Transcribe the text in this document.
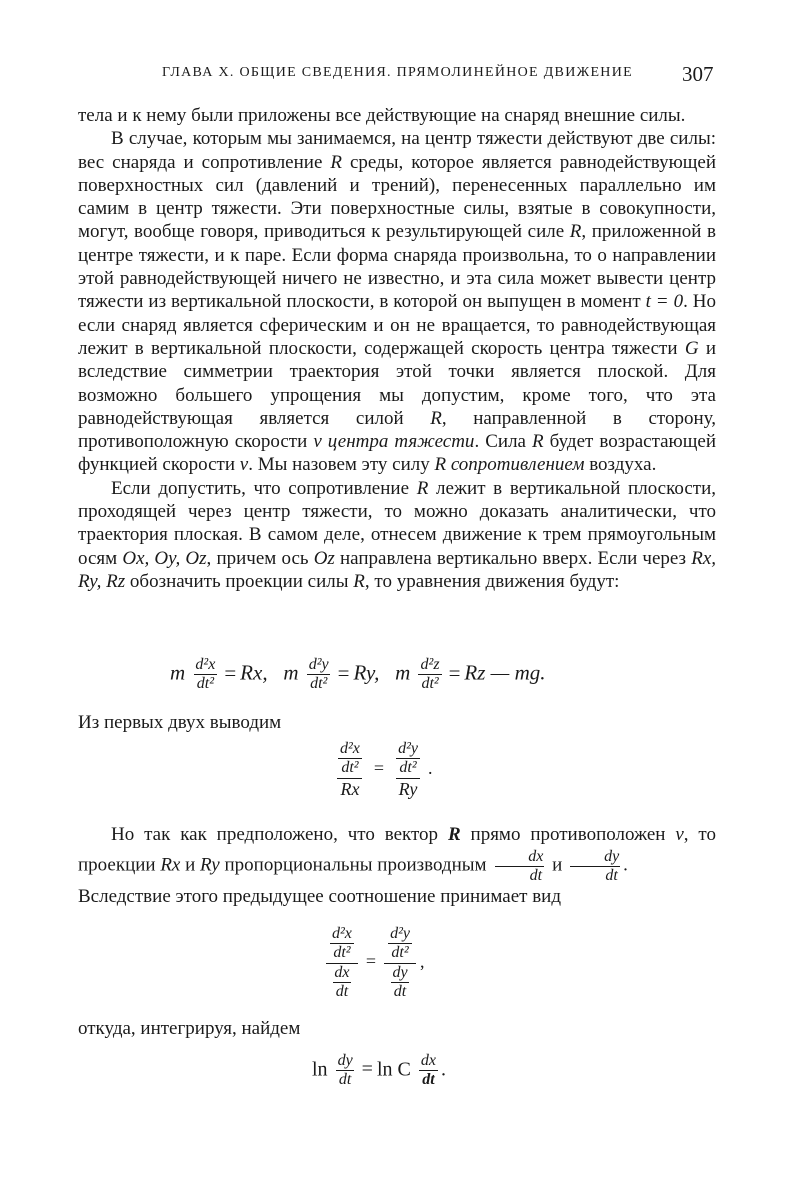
ГЛАВА X. ОБЩИЕ СВЕДЕНИЯ. ПРЯМОЛИНЕЙНОЕ ДВИЖЕНИЕ 307

тела и к нему были приложены все действующие на снаряд внешние силы.

В случае, которым мы занимаемся, на центр тяжести действуют две силы: вес снаряда и сопротивление R среды, которое является равнодействующей поверхностных сил (давлений и трений), перенесенных параллельно им самим в центр тяжести. Эти поверхностные силы, взятые в совокупности, могут, вообще говоря, приводиться к результирующей силе R, приложенной в центре тяжести, и к паре. Если форма снаряда произвольна, то о направлении этой равнодействующей ничего не известно, и эта сила может вывести центр тяжести из вертикальной плоскости, в которой он выпущен в момент t = 0. Но если снаряд является сферическим и он не вращается, то равнодействующая лежит в вертикальной плоскости, содержащей скорость центра тяжести G и вследствие симметрии траектория этой точки является плоской. Для возможно большего упрощения мы допустим, кроме того, что эта равнодействующая является силой R, направленной в сторону, противоположную скорости v центра тяжести. Сила R будет возрастающей функцией скорости v. Мы назовем эту силу R сопротивлением воздуха.

Если допустить, что сопротивление R лежит в вертикальной плоскости, проходящей через центр тяжести, то можно доказать аналитически, что траектория плоская. В самом деле, отнесем движение к трем прямоугольным осям Ox, Oy, Oz, причем ось Oz направлена вертикально вверх. Если через Rx, Ry, Rz обозначить проекции силы R, то уравнения движения будут:

m $\frac{\text{d²x}}{\text{dt²}} = Rx$,   m $\frac{\text{d²y}}{\text{dt²}} = Ry$,   m $\frac{\text{d²z}}{\text{dt²}} = Rz$ — mg.
Из первых двух выводим
$\frac{\frac{\text{d²x}}{\text{dt²}}}{Rx} = \frac{\frac{\text{d²y}}{\text{dt²}}}{Ry}$ .
Но так как предположено, что вектор R прямо противоположен v, то проекции Rx и Ry пропорциональны производным $\frac{dx}{dt}$ и $\frac{dy}{dt}$ .
Вследствие этого предыдущее соотношение принимает вид
$\frac{\frac{\text{d²x}}{\text{dt²}}}{\frac{dx}{dt}} = \frac{\frac{\text{d²y}}{\text{dt²}}}{\frac{dy}{dt}}$ ,
откуда, интегрируя, найдем
$\ln \frac{dy}{dt} = \ln C \frac{dx}{dt}$ .
